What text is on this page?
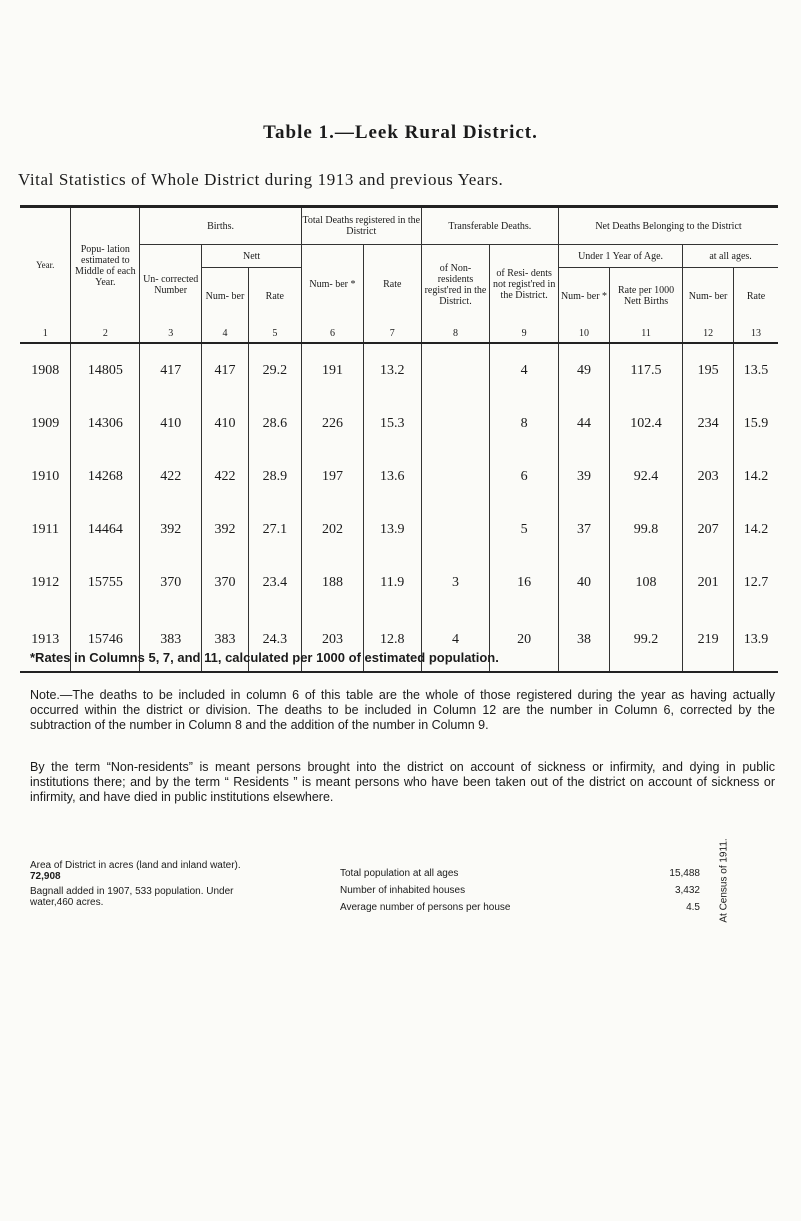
Table 1.—Leek Rural District.
Vital Statistics of Whole District during 1913 and previous Years.
Year.	Popu- lation estimated to Middle of each Year.	Births.			Total Deaths registered in the District		Transferable Deaths.		Net Deaths Belonging to the District			
		Un- corrected Number	Nett		Num- ber *	Rate	of Non- residents regist'red in the District.	of Resi- dents not regist'red in the District.	Under 1 Year of Age.		at all ages.	
			Num- ber	Rate					Num- ber *	Rate per 1000 Nett Births	Num- ber	Rate
1	2	3	4	5	6	7	8	9	10	11	12	13
1908	14805	417	417	29.2	191	13.2		4	49	117.5	195	13.5
1909	14306	410	410	28.6	226	15.3		8	44	102.4	234	15.9
1910	14268	422	422	28.9	197	13.6		6	39	92.4	203	14.2
1911	14464	392	392	27.1	202	13.9		5	37	99.8	207	14.2
1912	15755	370	370	23.4	188	11.9	3	16	40	108	201	12.7
1913	15746	383	383	24.3	203	12.8	4	20	38	99.2	219	13.9
*Rates in Columns 5, 7, and 11, calculated per 1000 of estimated population.
Note.—The deaths to be included in column 6 of this table are the whole of those registered during the year as having actually occurred within the district or division. The deaths to be included in Column 12 are the number in Column 6, corrected by the subtraction of the number in Column 8 and the addition of the number in Column 9.
By the term “Non-residents” is meant persons brought into the district on account of sickness or infirmity, and dying in public institutions there; and by the term “ Residents ” is meant persons who have been taken out of the district on account of sickness or infirmity, and have died in public institutions elsewhere.
Area of District in acres (land and inland water). 72,908
Bagnall added in 1907, 533 population. Under water,460 acres.
Total population at all ages	15,488
Number of inhabited houses	3,432
Average number of persons per house	4.5 At Census of 1911.
